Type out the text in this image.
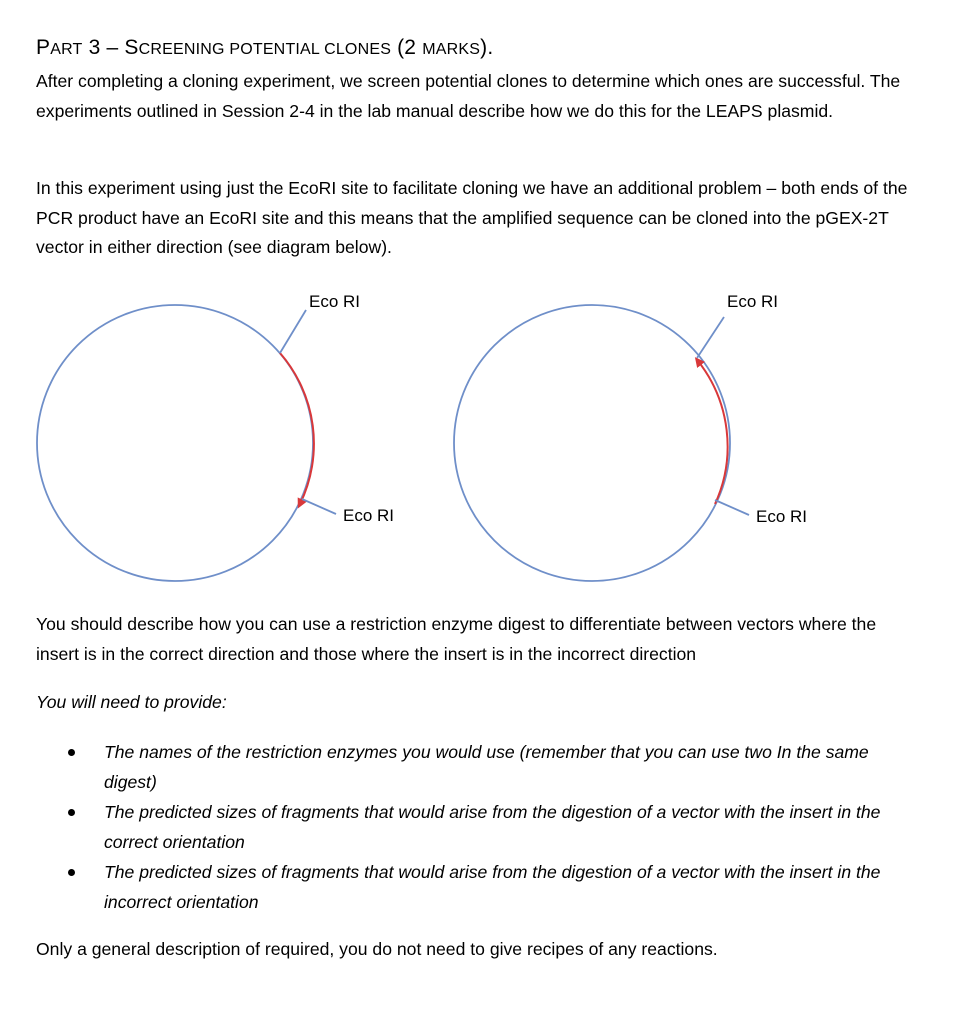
PART 3 – SCREENING POTENTIAL CLONES (2 MARKS).
After completing a cloning experiment, we screen potential clones to determine which ones are successful. The experiments outlined in Session 2-4 in the lab manual describe how we do this for the LEAPS plasmid.
In this experiment using just the EcoRI site to facilitate cloning we have an additional problem – both ends of the PCR product have an EcoRI site and this means that the amplified sequence can be cloned into the pGEX-2T vector in either direction (see diagram below).
Eco RI
Eco RI
Eco RI
Eco RI
You should describe how you can use a restriction enzyme digest to differentiate between vectors where the insert is in the correct direction and those where the insert is in the incorrect direction
You will need to provide:
The names of the restriction enzymes you would use (remember that you can use two In the same digest)
The predicted sizes of fragments that would arise from the digestion of a vector with the insert in the correct orientation
The predicted sizes of fragments that would arise from the digestion of a vector with the insert in the incorrect orientation
Only a general description of required, you do not need to give recipes of any reactions.
